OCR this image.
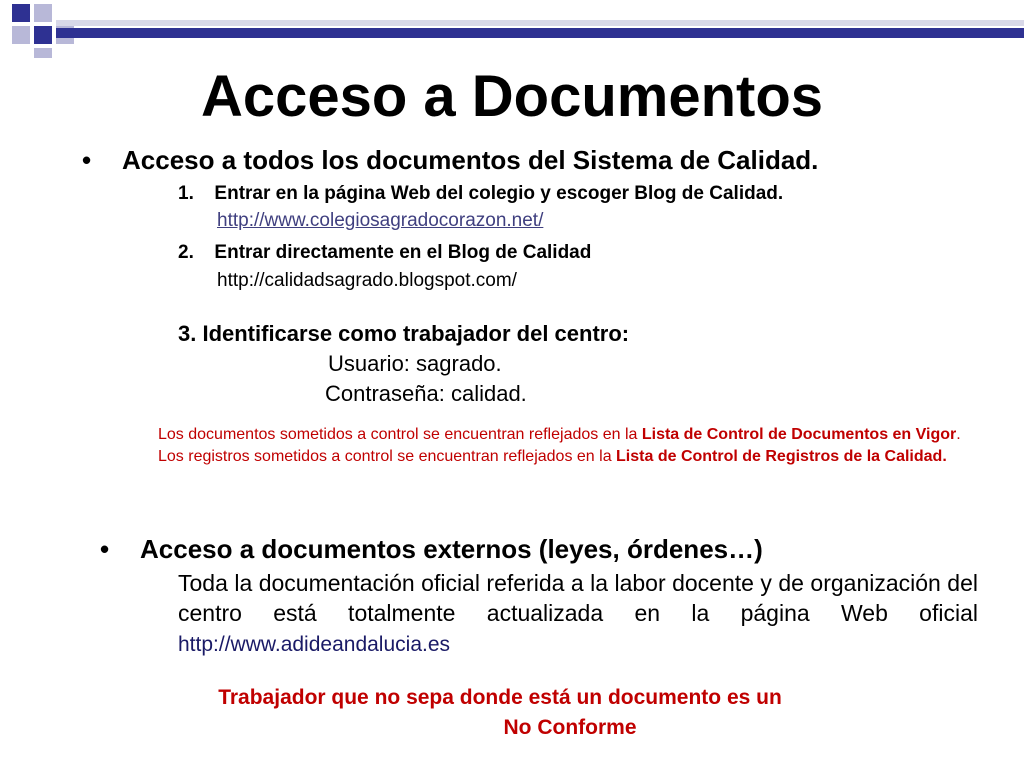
Acceso a Documentos
• Acceso a todos los documentos del Sistema de Calidad.
1. Entrar en la página Web del colegio y escoger Blog de Calidad.
http://www.colegiosagradocorazon.net/
2. Entrar directamente en el Blog de Calidad
http://calidadsagrado.blogspot.com/
3. Identificarse como trabajador del centro:
Usuario: sagrado.
Contraseña: calidad.

Los documentos sometidos a control se encuentran reflejados en la Lista de Control de Documentos en Vigor.

Los registros sometidos a control se encuentran reflejados en la Lista de Control de Registros de la Calidad.

• Acceso a documentos externos (leyes, órdenes…)
Toda la documentación oficial referida a la labor docente y de organización del centro está totalmente actualizada en la página Web oficial http://www.adideandalucia.es
Trabajador que no sepa donde está un documento es un
No Conforme
